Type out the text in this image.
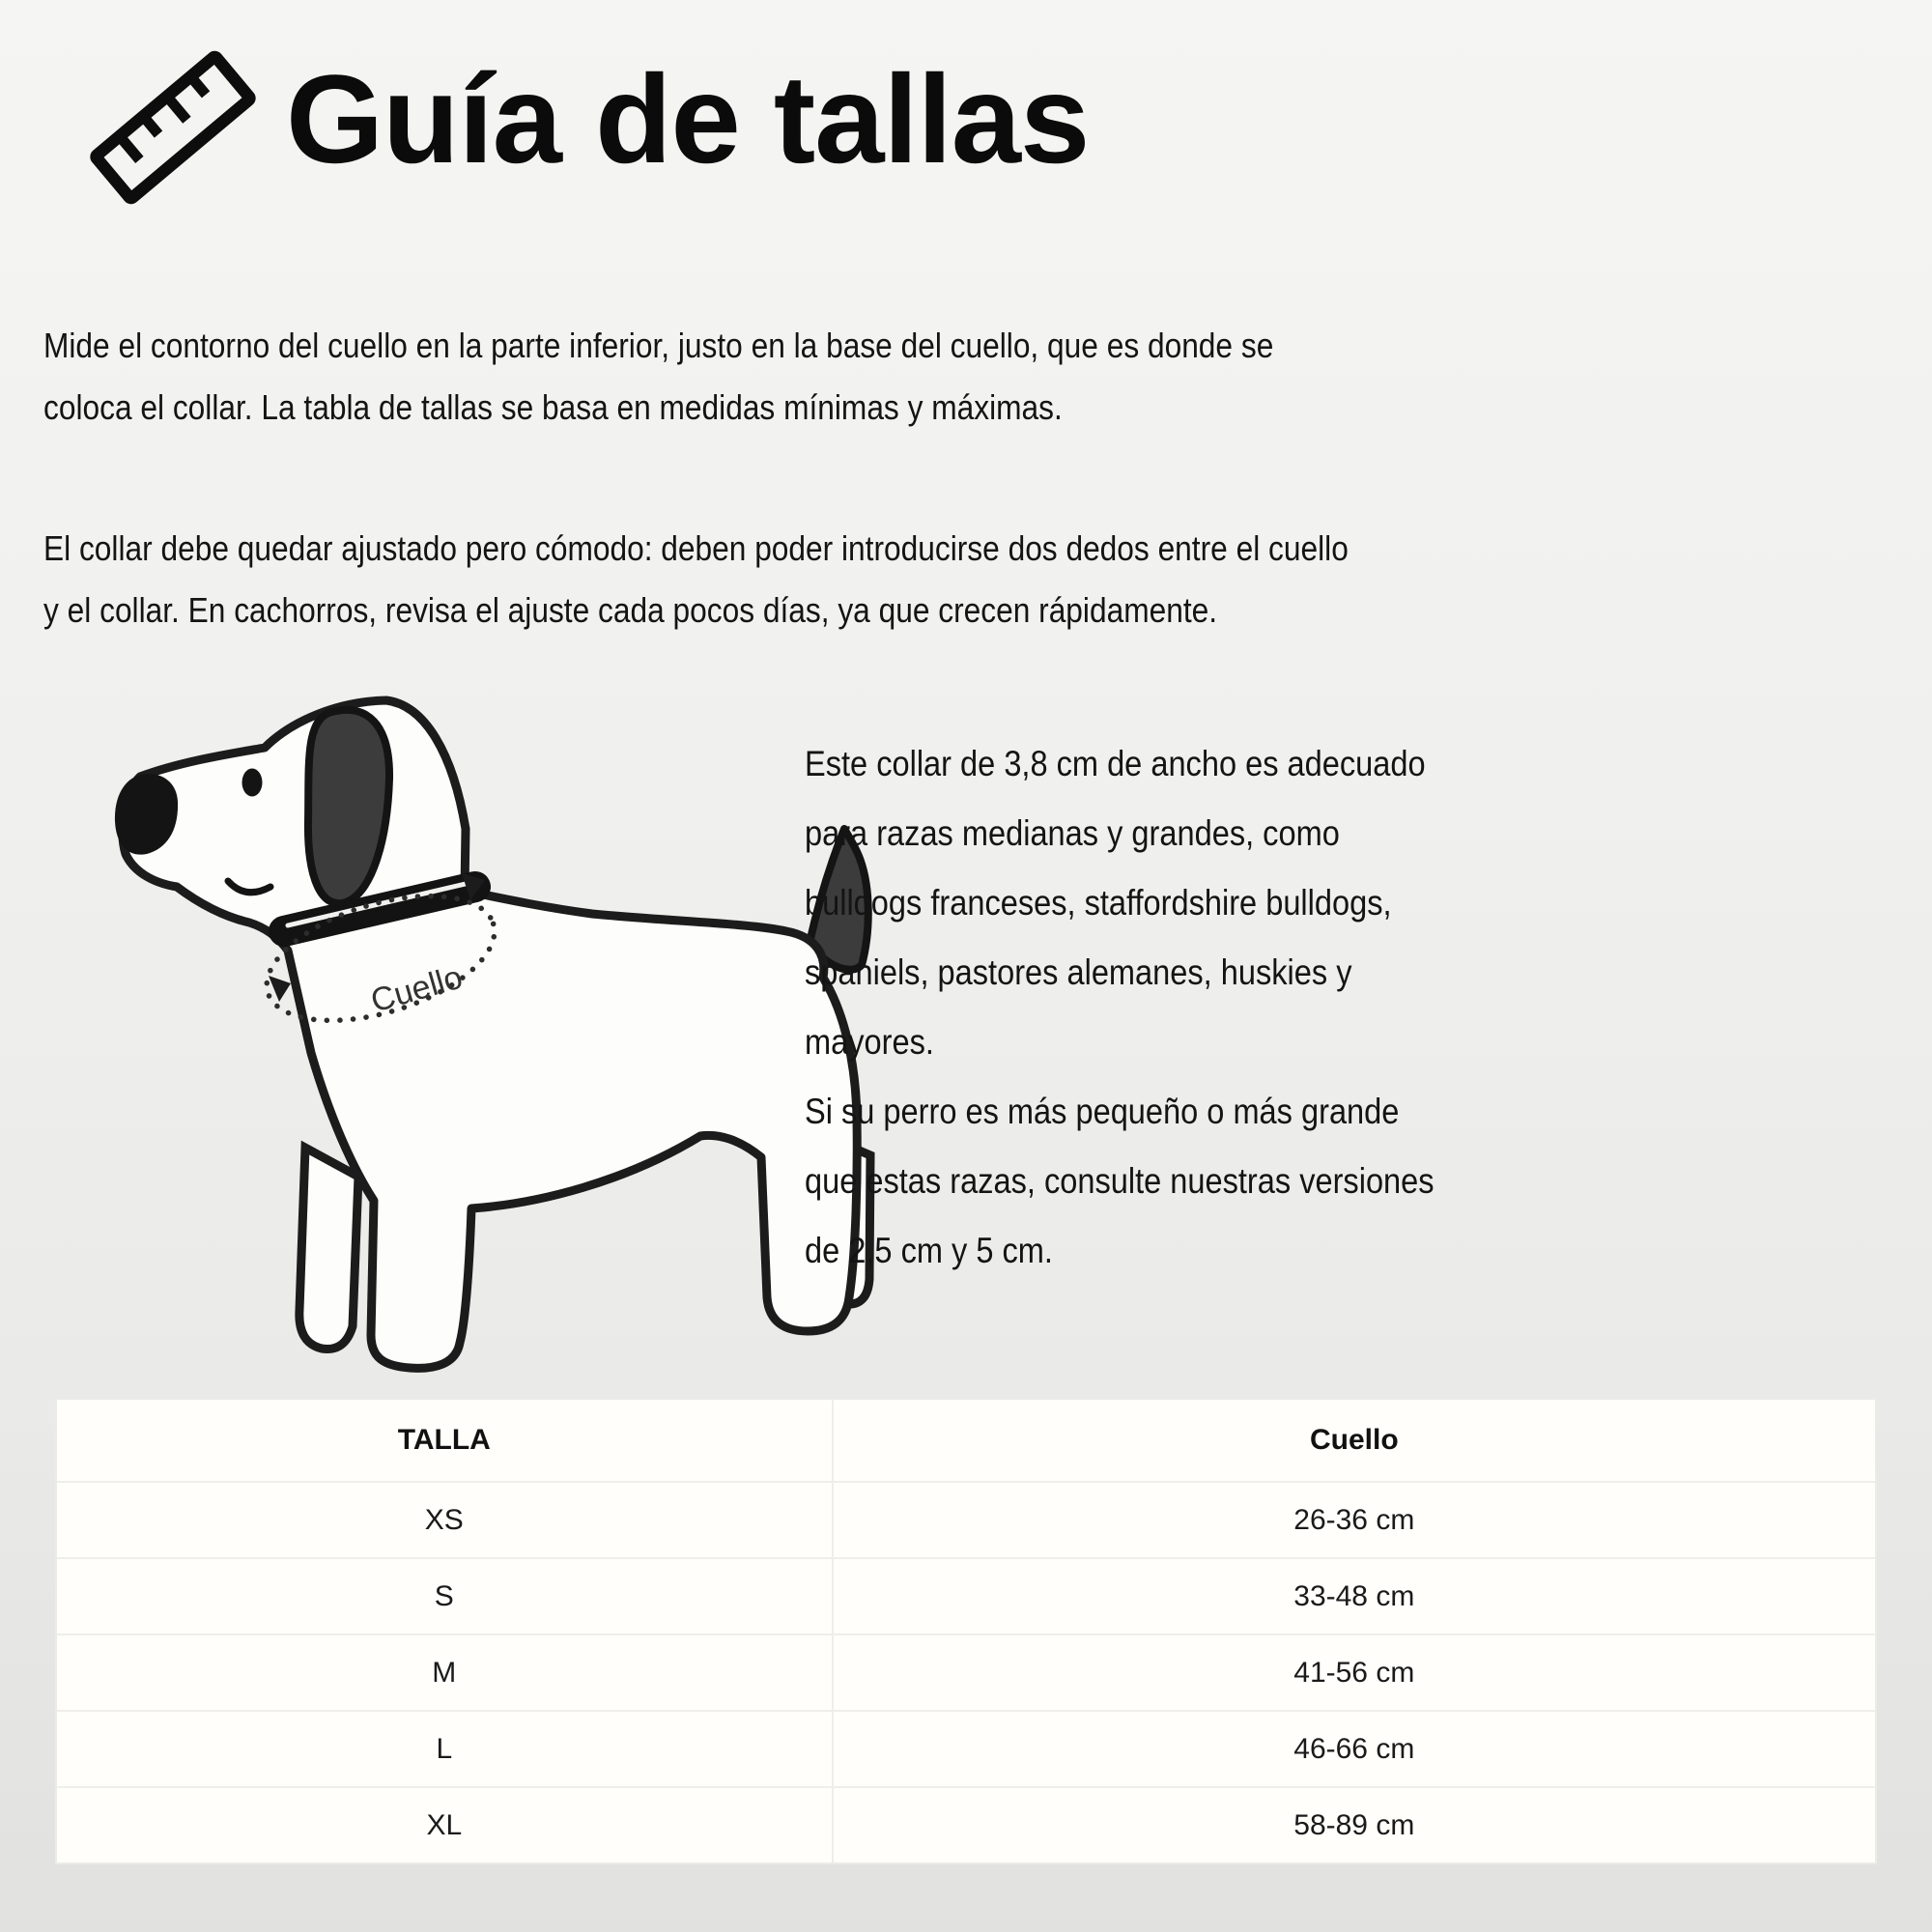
Guía de tallas
Mide el contorno del cuello en la parte inferior, justo en la base del cuello, que es donde se
coloca el collar. La tabla de tallas se basa en medidas mínimas y máximas.
El collar debe quedar ajustado pero cómodo: deben poder introducirse dos dedos entre el cuello
y el collar. En cachorros, revisa el ajuste cada pocos días, ya que crecen rápidamente.
Cuello
Este collar de 3,8 cm de ancho es adecuado
para razas medianas y grandes, como
bulldogs franceses, staffordshire bulldogs,
spaniels, pastores alemanes, huskies y
mayores.
Si su perro es más pequeño o más grande
que estas razas, consulte nuestras versiones
de 2,5 cm y 5 cm.
TALLA	Cuello
XS	26-36 cm
S	33-48 cm
M	41-56 cm
L	46-66 cm
XL	58-89 cm
